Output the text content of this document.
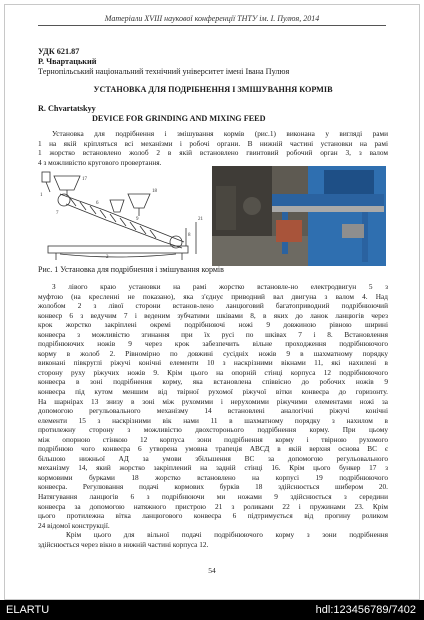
Матеріали XVIII наукової конференції ТНТУ ім. І. Пулюя, 2014
УДК 621.87
Р. Чвартацький
Тернопільський національний технічний університет імені Івана Пулюя
УСТАНОВКА ДЛЯ ПОДРІБНЕННЯ І ЗМІШУВАННЯ КОРМІВ
R. Chvartatskyy
DEVICE FOR GRINDING AND MIXING FEED
Установка для подрібнення і змішування кормів (рис.1) виконана у вигляді рами
1 на якій кріпляться всі механізми і робочі органи. В нижній частині установки на рамі
1 жорстко встановлено жолоб 2 в якій встановлено гвинтовий робочий орган 3, з валом
4 з можливістю кругового провертання.
1
17
6
18
8
7
9	21
2
Рис. 1 Установка для подрібнення і змішування кормів
З лівого краю установки на рамі жорстко встановле-но електродвигун 5 з
муфтою (на кресленні не показано), яка з'єднує приводний вал двигуна з валом 4. Над
жолобом 2 з лівої сторони встанов-лено ланцюговий багатоприводний подрібнюючий
конвеєр 6 з ведучим 7 і веденим зубчатими шківами 8, в яких до ланок ланцюгів через
крок жорстко закріплені окремі подрібнюючі ножі 9 довжиною рівною ширині
конвеєра з можливістю згинання при їх русі по шківах 7 і 8. Встановлення
подрібнюючих ножів 9 через крок забезпечить вільне проходження подрібнюючого
корму в жолоб 2. Рівномірно по довжині сусідніх ножів 9 в шахматному порядку
виконані півкруглі ріжучі конічні елементи 10 з наскрізними вікнами 11, які нахилені в
сторону руху ріжучих ножів 9. Крім цього на опорній стінці корпуса 12 подрібнюючого
конвеєра в зоні подрібнення корму, яка встановлена співвісно до робочих ножів 9
конвеєра під кутом меншим від твірної рухомої ріжучої вітки конвеєра до горизонту.
На шарнірах 13 знизу в зоні між рухомими і нерухомими ріжучими елементами ножі за
допомогою регульовального механізму 14 встановлені аналогічні ріжучі конічні
елементи 15 з наскрізними вік нами 11 в шахматному порядку з нахилом в
протилежну сторону з можливістю двохсторонього подрібнення корму. При цьому
між опорною стінкою 12 корпуса зони подрібнення корму і твірною рухомого
подрібнюю чого конвеєра 6 утворена умовна трапеція АВСД в якій верхня основа ВС є
більшою нижньої АД за умови збільшення ВС за допомогою регульовального
механізму 14, який жорстко закріплений на задній стінці 16. Крім цього бункер 17 з
кормовими бурками 18 жорстко встановлено на корпусі 19 подрібнюючого
конвеєра. Регулювання подачі кормових бурків 18 здійснюється шибером 20.
Натягування ланцюгів 6 з подрібнюючи ми ножами 9 здійснюється з середини
конвеєра за допомогою натяжного пристрою 21 з роликами 22 і пружинами 23. Крім
цього протилежна вітка ланцюгового конвеєра 6 підтримується від прогину роликом
24 відомої конструкції.
Крім цього для вільної подачі подрібнюючого корму з зони подрібнення
здійснюється через вікно в нижній частині корпуса 12.
54
ELARTU	hdl:123456789/7402
